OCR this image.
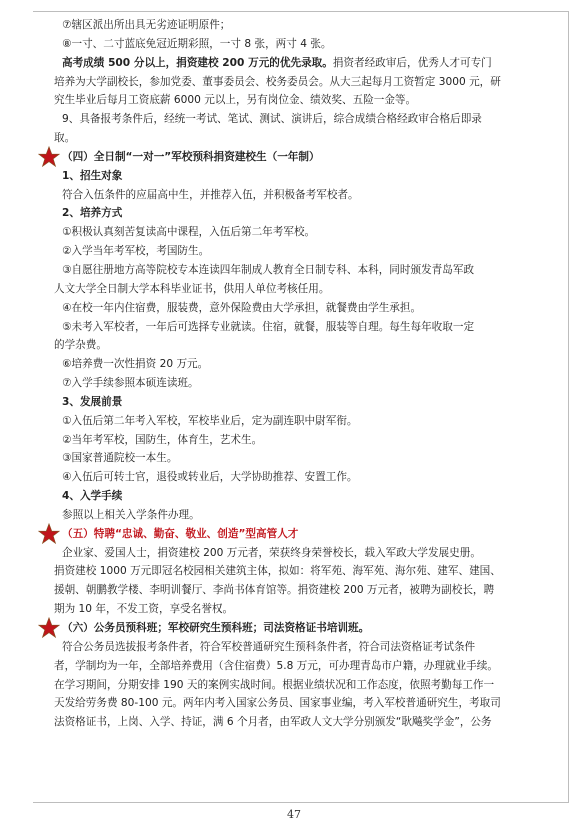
⑦辖区派出所出具无劣迹证明原件；
⑧一寸、二寸蓝底免冠近期彩照，一寸 8 张，两寸 4 张。
高考成绩 500 分以上，捐资建校 200 万元的优先录取。捐资者经政审后，优秀人才可专门
培养为大学副校长，参加党委、董事委员会、校务委员会。从大三起每月工资暂定 3000 元，研
究生毕业后每月工资底薪 6000 元以上，另有岗位金、绩效奖、五险一金等。
9、具备报考条件后，经统一考试、笔试、测试、演讲后，综合成绩合格经政审合格后即录
取。
（四）全日制“一对一”军校预科捐资建校生（一年制）
1、招生对象
符合入伍条件的应届高中生，并推荐入伍，并积极备考军校者。
2、培养方式
①积极认真刻苦复读高中课程，入伍后第二年考军校。
②入学当年考军校，考国防生。
③自愿往册地方高等院校专本连读四年制成人教育全日制专科、本科，同时颁发青岛军政
人文大学全日制大学本科毕业证书，供用人单位考核任用。
④在校一年内住宿费，服装费，意外保险费由大学承担，就餐费由学生承担。
⑤未考入军校者，一年后可选择专业就读。住宿，就餐，服装等自理。每生每年收取一定
的学杂费。
⑥培养费一次性捐资 20 万元。
⑦入学手续参照本硕连读班。
3、发展前景
①入伍后第二年考入军校，军校毕业后，定为副连职中尉军衔。
②当年考军校，国防生，体育生，艺术生。
③国家普通院校一本生。
④入伍后可转士官，退役或转业后，大学协助推荐、安置工作。
4、入学手续
参照以上相关入学条件办理。
（五）特聘“忠诚、勤奋、敬业、创造”型高管人才
企业家、爱国人士，捐资建校 200 万元者，荣获终身荣誉校长，载入军政大学发展史册。
捐资建校 1000 万元即冠名校园相关建筑主体，拟如：将军苑、海军苑、海尔苑、建军、建国、
援朝、朝鹏教学楼、李明训餐厅、李尚书体育馆等。捐资建校 200 万元者，被聘为副校长，聘
期为 10 年，不发工资，享受名誉权。
（六）公务员预科班；军校研究生预科班；司法资格证书培训班。
符合公务员选拔报考条件者，符合军校普通研究生预科条件者，符合司法资格证考试条件
者，学制均为一年，全部培养费用（含住宿费）5.8 万元，可办理青岛市户籍，办理就业手续。
在学习期间，分期安排 190 天的案例实战时间。根据业绩状况和工作态度，依照考勤每工作一
天发给劳务费 80-100 元。两年内考入国家公务员、国家事业编，考入军校普通研究生，考取司
法资格证书，上岗、入学、持证，满 6 个月者，由军政人文大学分别颁发“耿飚奖学金”，公务
47
